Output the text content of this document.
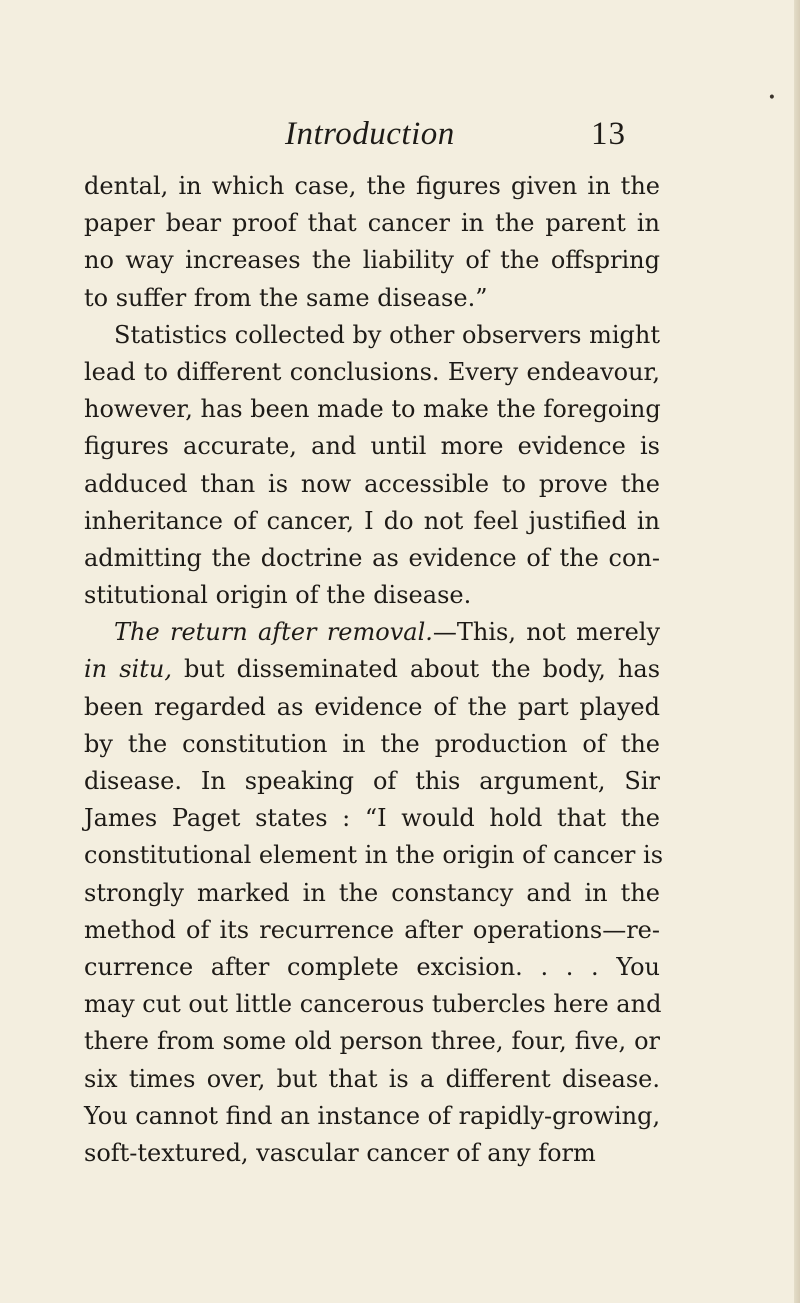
Introduction	13
dental, in which case, the figures given in the
paper bear proof that cancer in the parent in
no way increases the liability of the offspring
to suffer from the same disease.”
Statistics collected by other observers might
lead to different conclusions. Every endeavour,
however, has been made to make the foregoing
figures accurate, and until more evidence is
adduced than is now accessible to prove the
inheritance of cancer, I do not feel justified in
admitting the doctrine as evidence of the con-
stitutional origin of the disease.
The return after removal.—This, not merely
in situ, but disseminated about the body, has
been regarded as evidence of the part played
by the constitution in the production of the
disease. In speaking of this argument, Sir
James Paget states : “I would hold that the
constitutional element in the origin of cancer is
strongly marked in the constancy and in the
method of its recurrence after operations—re-
currence after complete excision. . . . You
may cut out little cancerous tubercles here and
there from some old person three, four, five, or
six times over, but that is a different disease.
You cannot find an instance of rapidly-growing,
soft-textured, vascular cancer of any form
•
